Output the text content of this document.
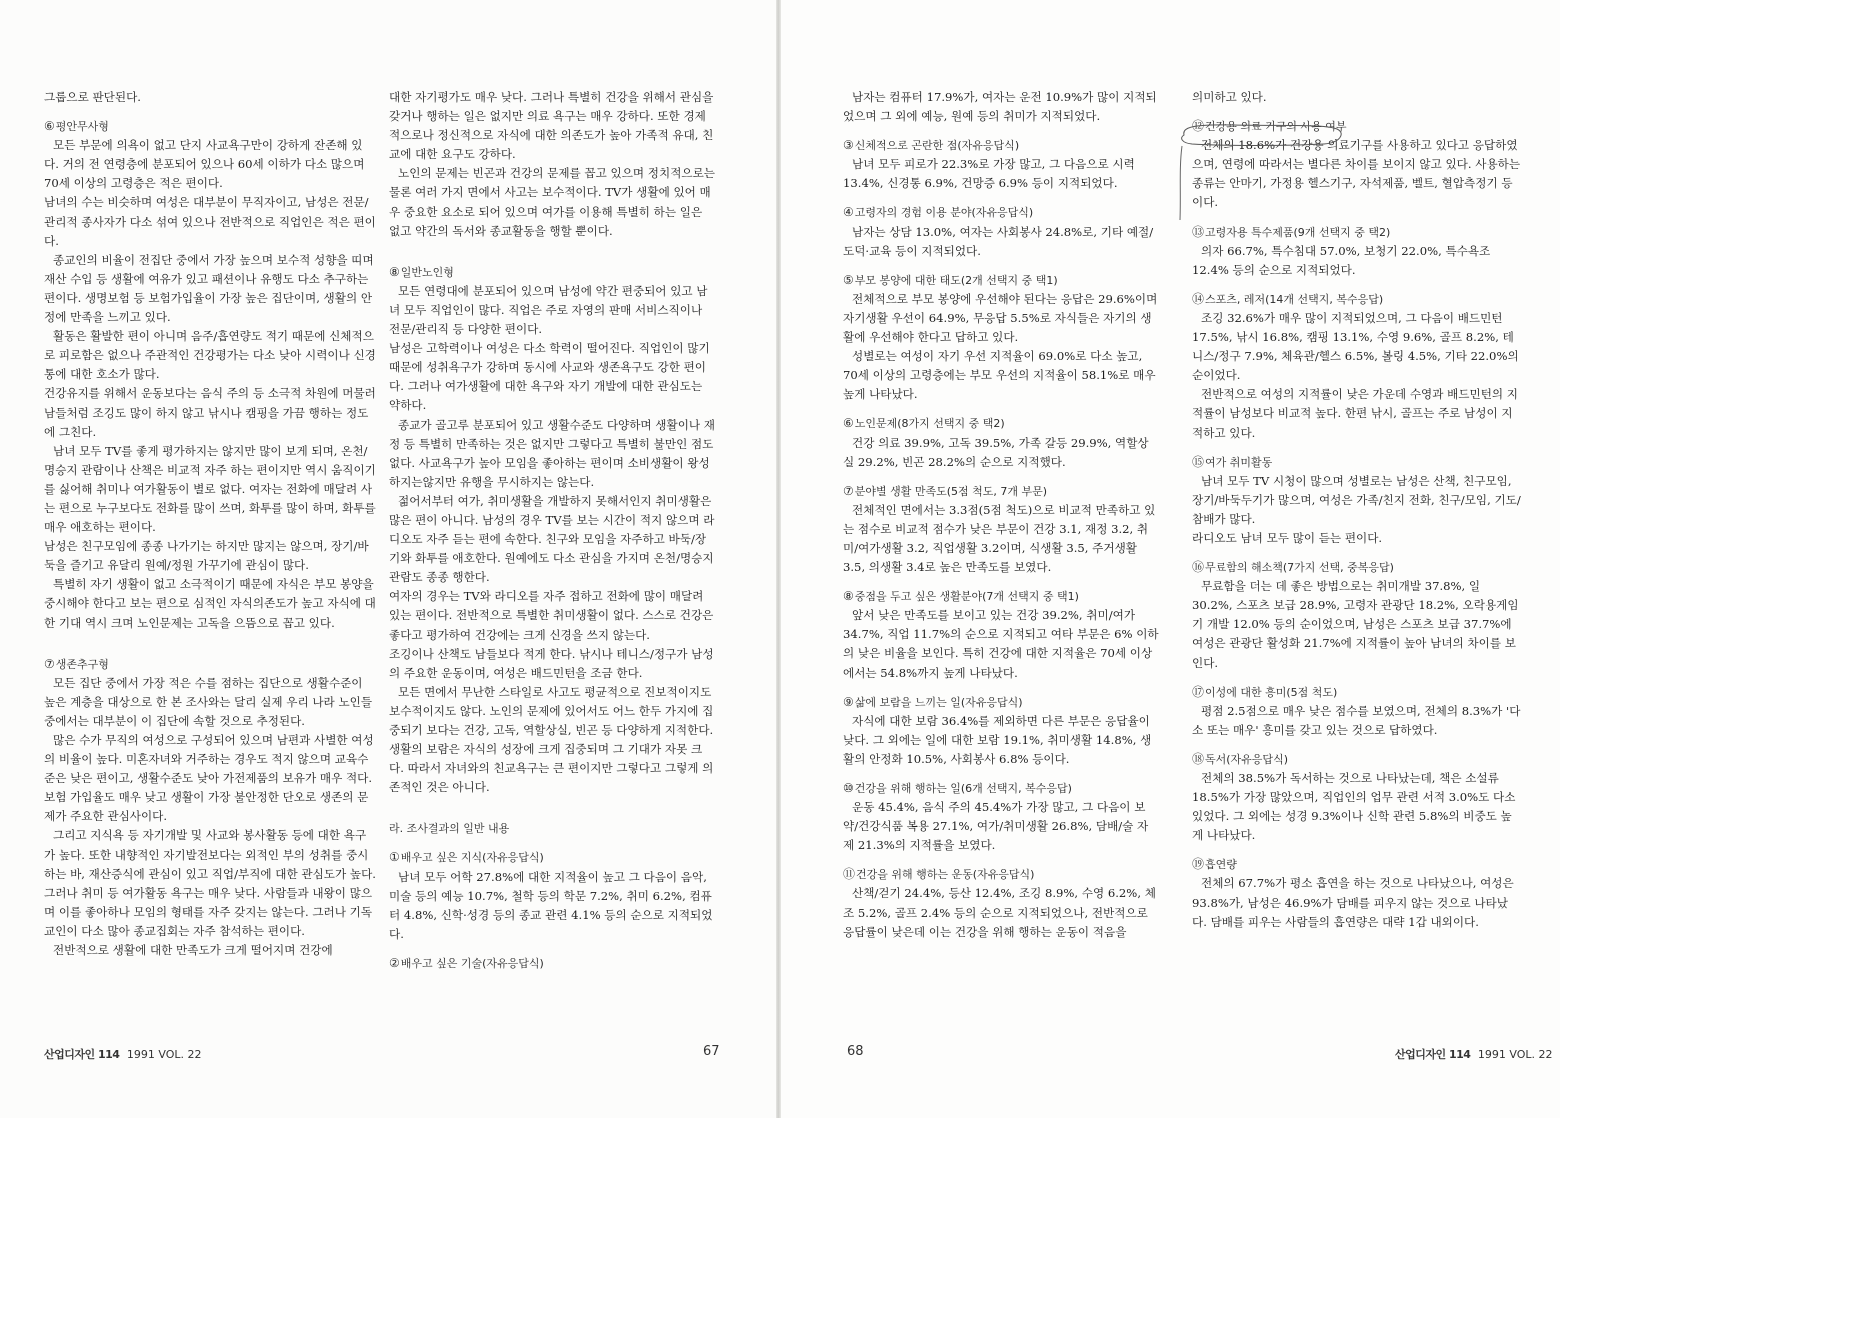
그룹으로 판단된다.

⑥평안무사형

모든 부문에 의욕이 없고 단지 사교욕구만이 강하게 잔존해 있다. 거의 전 연령층에 분포되어 있으나 60세 이하가 다소 많으며 70세 이상의 고령층은 적은 편이다.

남녀의 수는 비슷하며 여성은 대부분이 무직자이고, 남성은 전문/관리적 종사자가 다소 섞여 있으나 전반적으로 직업인은 적은 편이다.

종교인의 비율이 전집단 중에서 가장 높으며 보수적 성향을 띠며 재산 수입 등 생활에 여유가 있고 패션이나 유행도 다소 추구하는 편이다. 생명보험 등 보험가입율이 가장 높은 집단이며, 생활의 안정에 만족을 느끼고 있다.

활동은 활발한 편이 아니며 음주/흡연량도 적기 때문에 신체적으로 피로함은 없으나 주관적인 건강평가는 다소 낮아 시력이나 신경통에 대한 호소가 많다.

건강유지를 위해서 운동보다는 음식 주의 등 소극적 차원에 머물러 남들처럼 조깅도 많이 하지 않고 낚시나 캠핑을 가끔 행하는 정도에 그친다.

남녀 모두 TV를 좋게 평가하지는 않지만 많이 보게 되며, 온천/명승지 관람이나 산책은 비교적 자주 하는 편이지만 역시 움직이기를 싫어해 취미나 여가활동이 별로 없다. 여자는 전화에 매달려 사는 편으로 누구보다도 전화를 많이 쓰며, 화투를 많이 하며, 화투를 매우 애호하는 편이다.

남성은 친구모임에 종종 나가기는 하지만 많지는 않으며, 장기/바둑을 즐기고 유달리 원예/정원 가꾸기에 관심이 많다.

특별히 자기 생활이 없고 소극적이기 때문에 자식은 부모 봉양을 중시해야 한다고 보는 편으로 심적인 자식의존도가 높고 자식에 대한 기대 역시 크며 노인문제는 고독을 으뜸으로 꼽고 있다.

⑦생존추구형

모든 집단 중에서 가장 적은 수를 점하는 집단으로 생활수준이 높은 계층을 대상으로 한 본 조사와는 달리 실제 우리 나라 노인들 중에서는 대부분이 이 집단에 속할 것으로 추정된다.

많은 수가 무직의 여성으로 구성되어 있으며 남편과 사별한 여성의 비율이 높다. 미혼자녀와 거주하는 경우도 적지 않으며 교육수준은 낮은 편이고, 생활수준도 낮아 가전제품의 보유가 매우 적다. 보험 가입율도 매우 낮고 생활이 가장 불안정한 단오로 생존의 문제가 주요한 관심사이다.

그리고 지식욕 등 자기개발 및 사교와 봉사활동 등에 대한 욕구가 높다. 또한 내향적인 자기발전보다는 외적인 부의 성취를 중시하는 바, 재산증식에 관심이 있고 직업/부직에 대한 관심도가 높다. 그러나 취미 등 여가활동 욕구는 매우 낮다. 사람들과 내왕이 많으며 이를 좋아하나 모임의 형태를 자주 갖지는 않는다. 그러나 기독교인이 다소 많아 종교집회는 자주 참석하는 편이다.

전반적으로 생활에 대한 만족도가 크게 떨어지며 건강에

대한 자기평가도 매우 낮다. 그러나 특별히 건강을 위해서 관심을 갖거나 행하는 일은 없지만 의료 욕구는 매우 강하다. 또한 경제적으로나 정신적으로 자식에 대한 의존도가 높아 가족적 유대, 친교에 대한 요구도 강하다.

노인의 문제는 빈곤과 건강의 문제를 꼽고 있으며 정치적으로는 물론 여러 가지 면에서 사고는 보수적이다. TV가 생활에 있어 매우 중요한 요소로 되어 있으며 여가를 이용해 특별히 하는 일은 없고 약간의 독서와 종교활동을 행할 뿐이다.

⑧일반노인형

모든 연령대에 분포되어 있으며 남성에 약간 편중되어 있고 남녀 모두 직업인이 많다. 직업은 주로 자영의 판매 서비스직이나 전문/관리직 등 다양한 편이다.

남성은 고학력이나 여성은 다소 학력이 떨어진다. 직업인이 많기 때문에 성취욕구가 강하며 동시에 사교와 생존욕구도 강한 편이다. 그러나 여가생활에 대한 욕구와 자기 개발에 대한 관심도는 약하다.

종교가 골고루 분포되어 있고 생활수준도 다양하며 생활이나 재정 등 특별히 만족하는 것은 없지만 그렇다고 특별히 불만인 점도 없다. 사교욕구가 높아 모임을 좋아하는 편이며 소비생활이 왕성하지는않지만 유행을 무시하지는 않는다.

젊어서부터 여가, 취미생활을 개발하지 못해서인지 취미생활은 많은 편이 아니다. 남성의 경우 TV를 보는 시간이 적지 않으며 라디오도 자주 듣는 편에 속한다. 친구와 모임을 자주하고 바둑/장기와 화투를 애호한다. 원예에도 다소 관심을 가지며 온천/명승지 관람도 종종 행한다.

여자의 경우는 TV와 라디오를 자주 접하고 전화에 많이 매달려 있는 편이다. 전반적으로 특별한 취미생활이 없다. 스스로 건강은 좋다고 평가하여 건강에는 크게 신경을 쓰지 않는다.

조깅이나 산책도 남들보다 적게 한다. 낚시나 테니스/정구가 남성의 주요한 운동이며, 여성은 배드민턴을 조금 한다.

모든 면에서 무난한 스타일로 사고도 평균적으로 진보적이지도 보수적이지도 않다. 노인의 문제에 있어서도 어느 한두 가지에 집중되기 보다는 건강, 고독, 역할상실, 빈곤 등 다양하게 지적한다. 생활의 보람은 자식의 성장에 크게 집중되며 그 기대가 자못 크다. 따라서 자녀와의 친교욕구는 큰 편이지만 그렇다고 그렇게 의존적인 것은 아니다.

라. 조사결과의 일반 내용
①배우고 싶은 지식(자유응답식)

남녀 모두 어학 27.8%에 대한 지적율이 높고 그 다음이 음악, 미술 등의 예능 10.7%, 철학 등의 학문 7.2%, 취미 6.2%, 컴퓨터 4.8%, 신학·성경 등의 종교 관련 4.1% 등의 순으로 지적되었다.

②배우고 싶은 기술(자유응답식)
산업디자인 114 1991 VOL. 22	67

남자는 컴퓨터 17.9%가, 여자는 운전 10.9%가 많이 지적되었으며 그 외에 예능, 원예 등의 취미가 지적되었다.

③신체적으로 곤란한 점(자유응답식)

남녀 모두 피로가 22.3%로 가장 많고, 그 다음으로 시력 13.4%, 신경통 6.9%, 건망증 6.9% 등이 지적되었다.

④고령자의 경험 이용 분야(자유응답식)

남자는 상담 13.0%, 여자는 사회봉사 24.8%로, 기타 예절/도덕·교육 등이 지적되었다.

⑤부모 봉양에 대한 태도(2개 선택지 중 택1)

전체적으로 부모 봉양에 우선해야 된다는 응답은 29.6%이며 자기생활 우선이 64.9%, 무응답 5.5%로 자식들은 자기의 생활에 우선해야 한다고 답하고 있다.

성별로는 여성이 자기 우선 지적율이 69.0%로 다소 높고, 70세 이상의 고령층에는 부모 우선의 지적율이 58.1%로 매우 높게 나타났다.

⑥노인문제(8가지 선택지 중 택2)

건강 의료 39.9%, 고독 39.5%, 가족 갈등 29.9%, 역할상실 29.2%, 빈곤 28.2%의 순으로 지적했다.

⑦분야별 생활 만족도(5점 척도, 7개 부문)

전체적인 면에서는 3.3점(5점 척도)으로 비교적 만족하고 있는 점수로 비교적 점수가 낮은 부문이 건강 3.1, 재정 3.2, 취미/여가생활 3.2, 직업생활 3.2이며, 식생활 3.5, 주거생활 3.5, 의생활 3.4로 높은 만족도를 보였다.

⑧중점을 두고 싶은 생활분야(7개 선택지 중 택1)

앞서 낮은 만족도를 보이고 있는 건강 39.2%, 취미/여가 34.7%, 직업 11.7%의 순으로 지적되고 여타 부문은 6% 이하의 낮은 비율을 보인다. 특히 건강에 대한 지적율은 70세 이상에서는 54.8%까지 높게 나타났다.

⑨삶에 보람을 느끼는 일(자유응답식)

자식에 대한 보람 36.4%를 제외하면 다른 부문은 응답율이 낮다. 그 외에는 일에 대한 보람 19.1%, 취미생활 14.8%, 생활의 안정화 10.5%, 사회봉사 6.8% 등이다.

⑩건강을 위해 행하는 일(6개 선택지, 복수응답)

운동 45.4%, 음식 주의 45.4%가 가장 많고, 그 다음이 보약/건강식품 복용 27.1%, 여가/취미생활 26.8%, 담배/술 자제 21.3%의 지적률을 보였다.

⑪건강을 위해 행하는 운동(자유응답식)

산책/걷기 24.4%, 등산 12.4%, 조깅 8.9%, 수영 6.2%, 체조 5.2%, 골프 2.4% 등의 순으로 지적되었으나, 전반적으로 응답률이 낮은데 이는 건강을 위해 행하는 운동이 적음을

의미하고 있다.

⑫건강용 의료 기구의 사용 여부

전체의 18.6%가 건강용 의료기구를 사용하고 있다고 응답하였으며, 연령에 따라서는 별다른 차이를 보이지 않고 있다. 사용하는 종류는 안마기, 가정용 헬스기구, 자석제품, 벨트, 혈압측정기 등이다.

⑬고령자용 특수제품(9개 선택지 중 택2)

의자 66.7%, 특수침대 57.0%, 보청기 22.0%, 특수욕조 12.4% 등의 순으로 지적되었다.

⑭스포츠, 레저(14개 선택지, 복수응답)

조깅 32.6%가 매우 많이 지적되었으며, 그 다음이 배드민턴 17.5%, 낚시 16.8%, 캠핑 13.1%, 수영 9.6%, 골프 8.2%, 테니스/정구 7.9%, 체육관/헬스 6.5%, 볼링 4.5%, 기타 22.0%의 순이었다.

전반적으로 여성의 지적률이 낮은 가운데 수영과 배드민턴의 지적률이 남성보다 비교적 높다. 한편 낚시, 골프는 주로 남성이 지적하고 있다.

⑮여가 취미활동

남녀 모두 TV 시청이 많으며 성별로는 남성은 산책, 친구모임, 장기/바둑두기가 많으며, 여성은 가족/친지 전화, 친구/모임, 기도/참배가 많다.

라디오도 남녀 모두 많이 듣는 편이다.

⑯무료함의 해소책(7가지 선택, 중복응답)

무료함을 더는 데 좋은 방법으로는 취미개발 37.8%, 일 30.2%, 스포츠 보급 28.9%, 고령자 관광단 18.2%, 오락용게임기 개발 12.0% 등의 순이었으며, 남성은 스포츠 보급 37.7%에 여성은 관광단 활성화 21.7%에 지적률이 높아 남녀의 차이를 보인다.

⑰이성에 대한 흥미(5점 척도)

평점 2.5점으로 매우 낮은 점수를 보였으며, 전체의 8.3%가 '다소 또는 매우' 흥미를 갖고 있는 것으로 답하였다.

⑱독서(자유응답식)

전체의 38.5%가 독서하는 것으로 나타났는데, 책은 소설류 18.5%가 가장 많았으며, 직업인의 업무 관련 서적 3.0%도 다소 있었다. 그 외에는 성경 9.3%이나 신학 관련 5.8%의 비중도 높게 나타났다.

⑲흡연량

전체의 67.7%가 평소 흡연을 하는 것으로 나타났으나, 여성은 93.8%가, 남성은 46.9%가 담배를 피우지 않는 것으로 나타났다. 담배를 피우는 사람들의 흡연량은 대략 1갑 내외이다.

68	산업디자인 114 1991 VOL. 22
